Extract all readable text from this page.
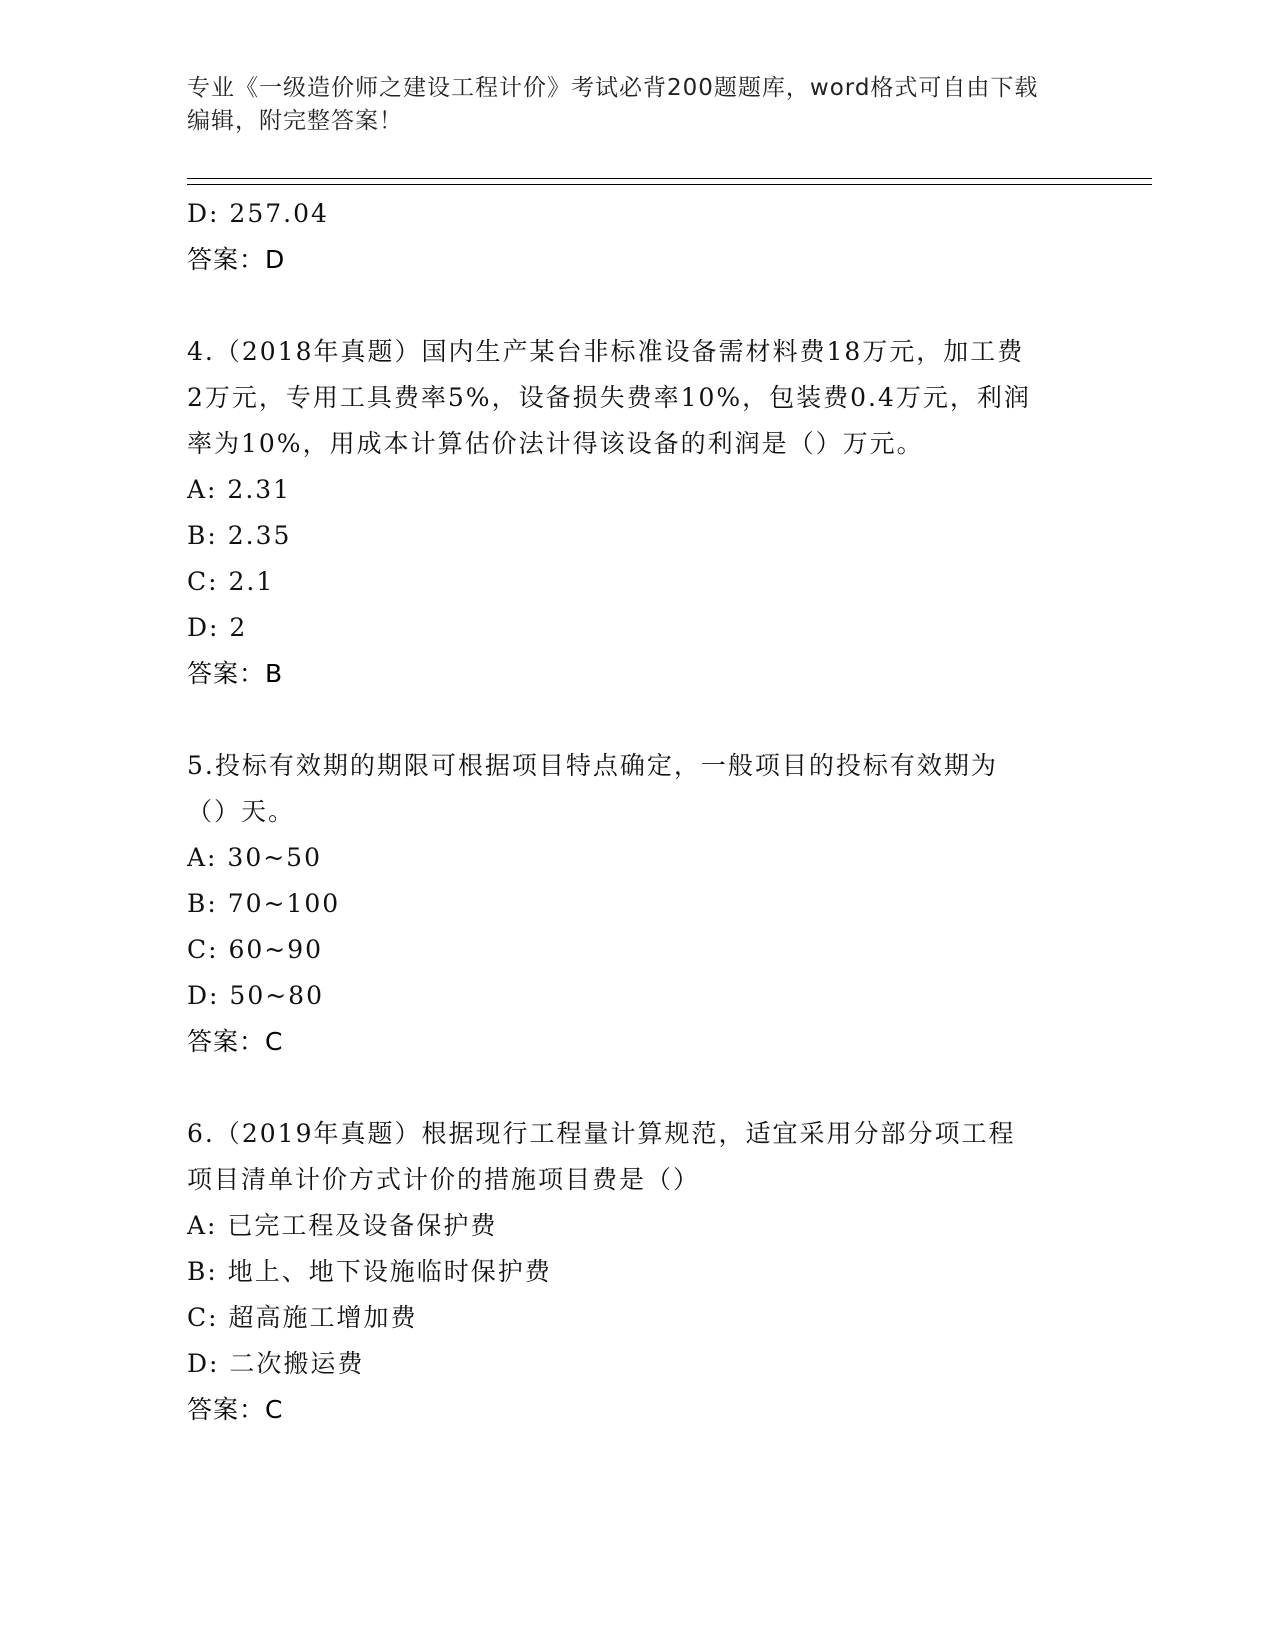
专业《一级造价师之建设工程计价》考试必背200题题库，word格式可自由下载
编辑，附完整答案！
D: 257.04
答案：D
4.（2018年真题）国内生产某台非标准设备需材料费18万元，加工费
2万元，专用工具费率5%，设备损失费率10%，包装费0.4万元，利润
率为10%，用成本计算估价法计得该设备的利润是（）万元。
A: 2.31
B: 2.35
C: 2.1
D: 2
答案：B
5.投标有效期的期限可根据项目特点确定，一般项目的投标有效期为
（）天。
A: 30~50
B: 70~100
C: 60~90
D: 50~80
答案：C
6.（2019年真题）根据现行工程量计算规范，适宜采用分部分项工程
项目清单计价方式计价的措施项目费是（）
A: 已完工程及设备保护费
B: 地上、地下设施临时保护费
C: 超高施工增加费
D: 二次搬运费
答案：C
